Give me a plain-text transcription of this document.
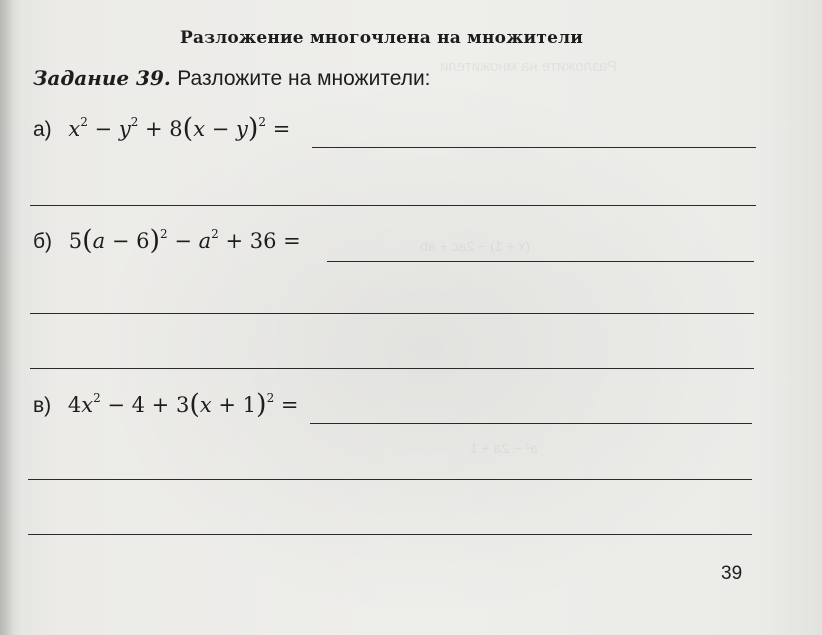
Разложите на множители
(x + 1) − 2ac + ab
a² − 2a + 1
Разложение многочлена на множители
Задание 39. Разложите на множители:
а) $x^2 - y^2 + 8(x - y)^2$ =
б) $5(a - 6)^2 - a^2 + 36$ =
в) $4x^2 - 4 + 3(x + 1)^2$ =
39
